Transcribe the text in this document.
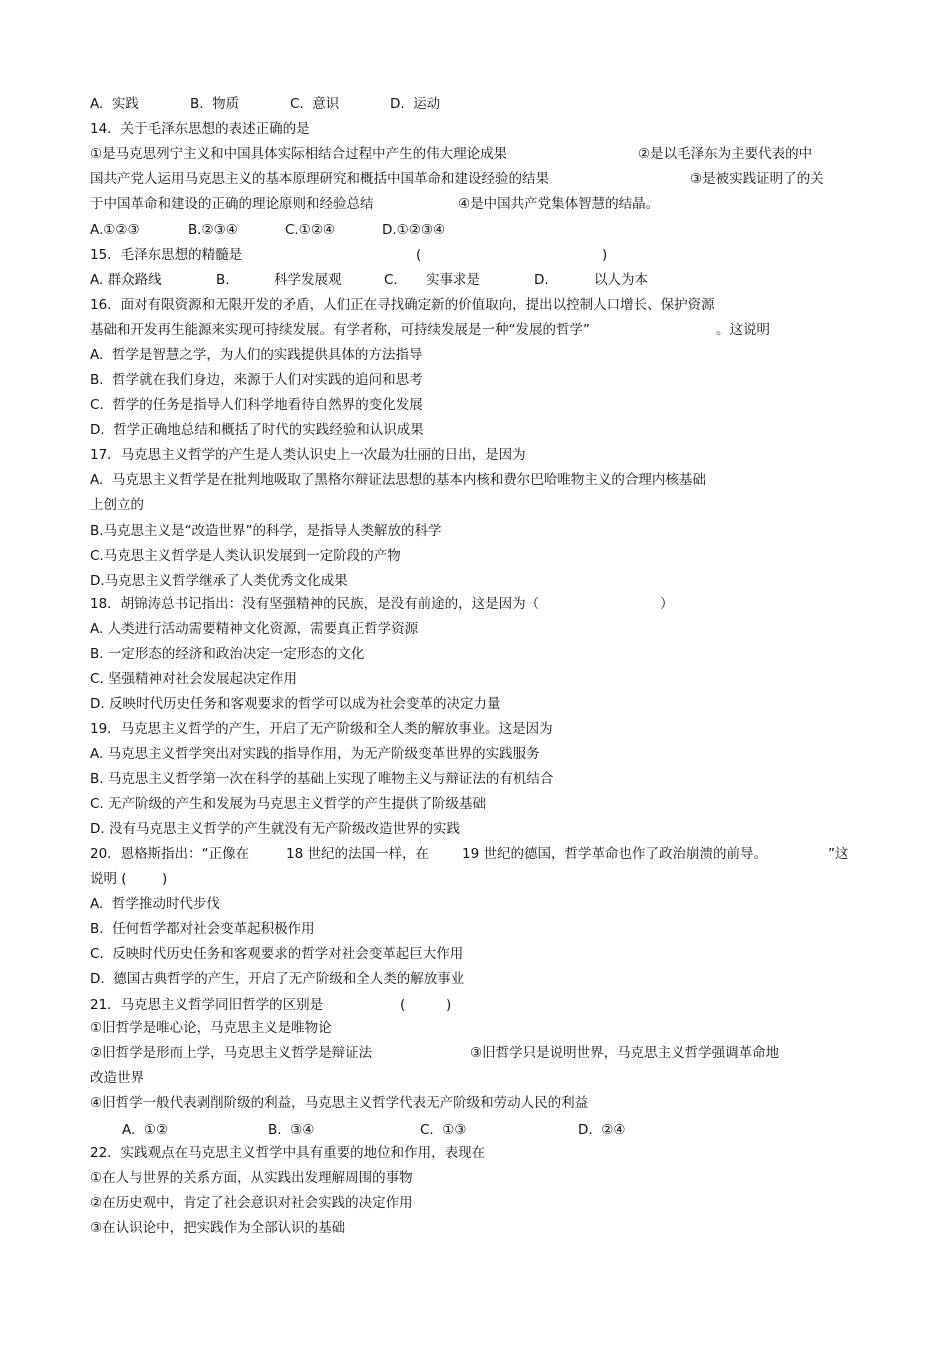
A.  实践

	B.  物质

	C.  意识

	D.  运动

14．关于毛泽东思想的表述正确的是

①是马克思列宁主义和中国具体实际相结合过程中产生的伟大理论成果

	②是以毛泽东为主要代表的中

国共产党人运用马克思主义的基本原理研究和概括中国革命和建设经验的结果

	③是被实践证明了的关

于中国革命和建设的正确的理论原则和经验总结

	④是中国共产党集体智慧的结晶。

A.①②③

	B.②③④

	C.①②④

	D.①②③④

15．毛泽东思想的精髓是

	(

	)

A. 群众路线

	B.

	科学发展观

	C.

实事求是

	D.

	以人为本

16．面对有限资源和无限开发的矛盾，人们正在寻找确定新的价值取向，提出以控制人口增长、保护资源

基础和开发再生能源来实现可持续发展。有学者称，可持续发展是一种“发展的哲学”

	。这说明

A.  哲学是智慧之学，为人们的实践提供具体的方法指导
B.  哲学就在我们身边，来源于人们对实践的追问和思考
C.  哲学的任务是指导人们科学地看待自然界的变化发展
D.  哲学正确地总结和概括了时代的实践经验和认识成果
17．马克思主义哲学的产生是人类认识史上一次最为壮丽的日出，是因为
A.  马克思主义哲学是在批判地吸取了黑格尔辩证法思想的基本内核和费尔巴哈唯物主义的合理内核基础
上创立的
B.马克思主义是“改造世界”的科学，是指导人类解放的科学
C.马克思主义哲学是人类认识发展到一定阶段的产物
D.马克思主义哲学继承了人类优秀文化成果

18．胡锦涛总书记指出：没有坚强精神的民族，是没有前途的，这是因为（

	）

A. 人类进行活动需要精神文化资源，需要真正哲学资源
B. 一定形态的经济和政治决定一定形态的文化
C. 坚强精神对社会发展起决定作用
D. 反映时代历史任务和客观要求的哲学可以成为社会变革的决定力量
19．马克思主义哲学的产生，开启了无产阶级和全人类的解放事业。这是因为
A. 马克思主义哲学突出对实践的指导作用，为无产阶级变革世界的实践服务
B. 马克思主义哲学第一次在科学的基础上实现了唯物主义与辩证法的有机结合
C. 无产阶级的产生和发展为马克思主义哲学的产生提供了阶级基础
D. 没有马克思主义哲学的产生就没有无产阶级改造世界的实践

20．恩格斯指出：“正像在

	18 世纪的法国一样，在

19 世纪的德国，哲学革命也作了政治崩溃的前导。

	”这

说明 (

	)

A.  哲学推动时代步伐
B.  任何哲学都对社会变革起积极作用
C.  反映时代历史任务和客观要求的哲学对社会变革起巨大作用
D.  德国古典哲学的产生，开启了无产阶级和全人类的解放事业

21．马克思主义哲学同旧哲学的区别是

	(

	)

①旧哲学是唯心论，马克思主义是唯物论

②旧哲学是形而上学，马克思主义哲学是辩证法

	③旧哲学只是说明世界，马克思主义哲学强调革命地

改造世界
④旧哲学一般代表剥削阶级的利益，马克思主义哲学代表无产阶级和劳动人民的利益

A.  ①②

	B.  ③④

	C.  ①③

	D.  ②④

22．实践观点在马克思主义哲学中具有重要的地位和作用，表现在
①在人与世界的关系方面，从实践出发理解周围的事物
②在历史观中，肯定了社会意识对社会实践的决定作用
③在认识论中，把实践作为全部认识的基础
